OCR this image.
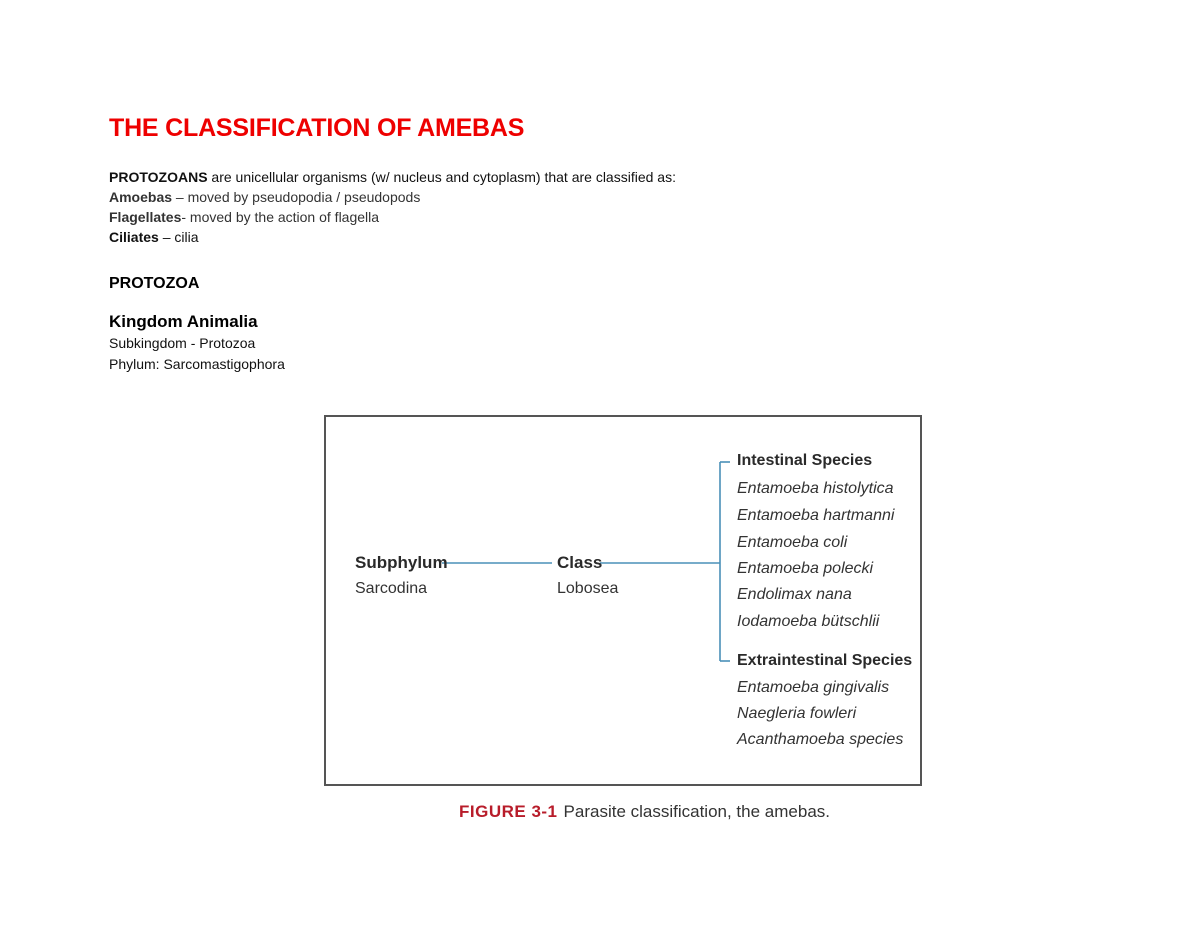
THE CLASSIFICATION OF AMEBAS
PROTOZOANS are unicellular organisms (w/ nucleus and cytoplasm) that are classified as:
Amoebas – moved by pseudopodia / pseudopods
Flagellates- moved by the action of flagella
Ciliates – cilia
PROTOZOA
Kingdom Animalia
Subkingdom - Protozoa
Phylum: Sarcomastigophora
Subphylum
Sarcodina
Class
Lobosea
Intestinal Species
Entamoeba histolytica
Entamoeba hartmanni
Entamoeba coli
Entamoeba polecki
Endolimax nana
Iodamoeba bütschlii
Extraintestinal Species
Entamoeba gingivalis
Naegleria fowleri
Acanthamoeba species
FIGURE 3-1 Parasite classification, the amebas.
